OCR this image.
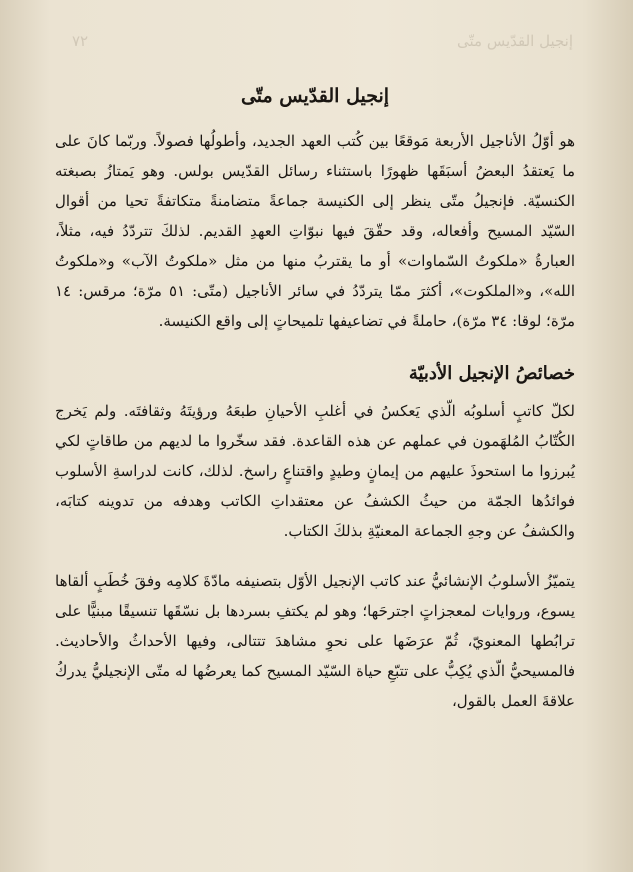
إنجيل القدّيس متّى
٧٢
إنجيل القدّيس متّى

هو أوّلُ الأناجيل الأربعة مَوقعًا بين كُتب العهد الجديد، وأطولُها فصولاً. وربّما كانَ على ما يَعتقدُ البعضُ أسبَقَها ظهورًا باستثناء رسائل القدّيس بولس. وهو يَمتازُ بصبغته الكنسيّة. فإنجيلُ متّى ينظر إلى الكنيسة جماعةً متضامنةً متكاتفةً تحيا من أقوال السّيّد المسيح وأفعاله، وقد حقّقَ فيها نبوّاتِ العهدِ القديم. لذلكَ تتردّدُ فيه، مثلاً، العبارةُ «ملكوتُ السّماوات» أو ما يقتربُ منها من مثل «ملكوتُ الآب» و«ملكوتُ الله»، و«الملكوت»، أكثرَ ممّا يتردّدُ في سائر الأناجيل (متّى: ٥١ مرّة؛ مرقس: ١٤ مرّة؛ لوقا: ٣٤ مرّة)، حاملةً في تضاعيفها تلميحاتٍ إلى واقع الكنيسة.

خصائصُ الإنجيل الأدبيّة

لكلّ كاتبٍ أسلوبُه الّذي يَعكسُ في أغلبِ الأحيانِ طبعَهُ ورؤيتَهُ وثقافتَه. ولم يَخرج الكُتّابُ المُلهَمون في عملهم عن هذه القاعدة. فقد سخّروا ما لديهم من طاقاتٍ لكي يُبرزوا ما استحوذَ عليهم من إيمانٍ وطيدٍ واقتناعٍ راسخ. لذلك، كانت لدراسةِ الأسلوب فوائدُها الجمّة من حيثُ الكشفُ عن معتقداتِ الكاتب وهدفه من تدوينه كتابَه، والكشفُ عن وجهِ الجماعة المعنيّةِ بذلكَ الكتاب.

يتميّزُ الأسلوبُ الإنشائيُّ عند كاتب الإنجيل الأوّل بتصنيفه مادّةَ كلامِه وفقَ خُطَبٍ ألقاها يسوع، وروايات لمعجزاتٍ اجترحَها؛ وهو لم يكتفِ بسردها بل نسّقَها تنسيقًا مبنيًّا على ترابُطها المعنويّ، ثُمّ عرَضَها على نحوِ مشاهدَ تتتالى، وفيها الأحداثُ والأحاديث. فالمسيحيُّ الّذي يُكِبُّ على تتبّعِ حياة السّيّد المسيح كما يعرضُها له متّى الإنجيليُّ يدركُ علاقةَ العمل بالقول،
